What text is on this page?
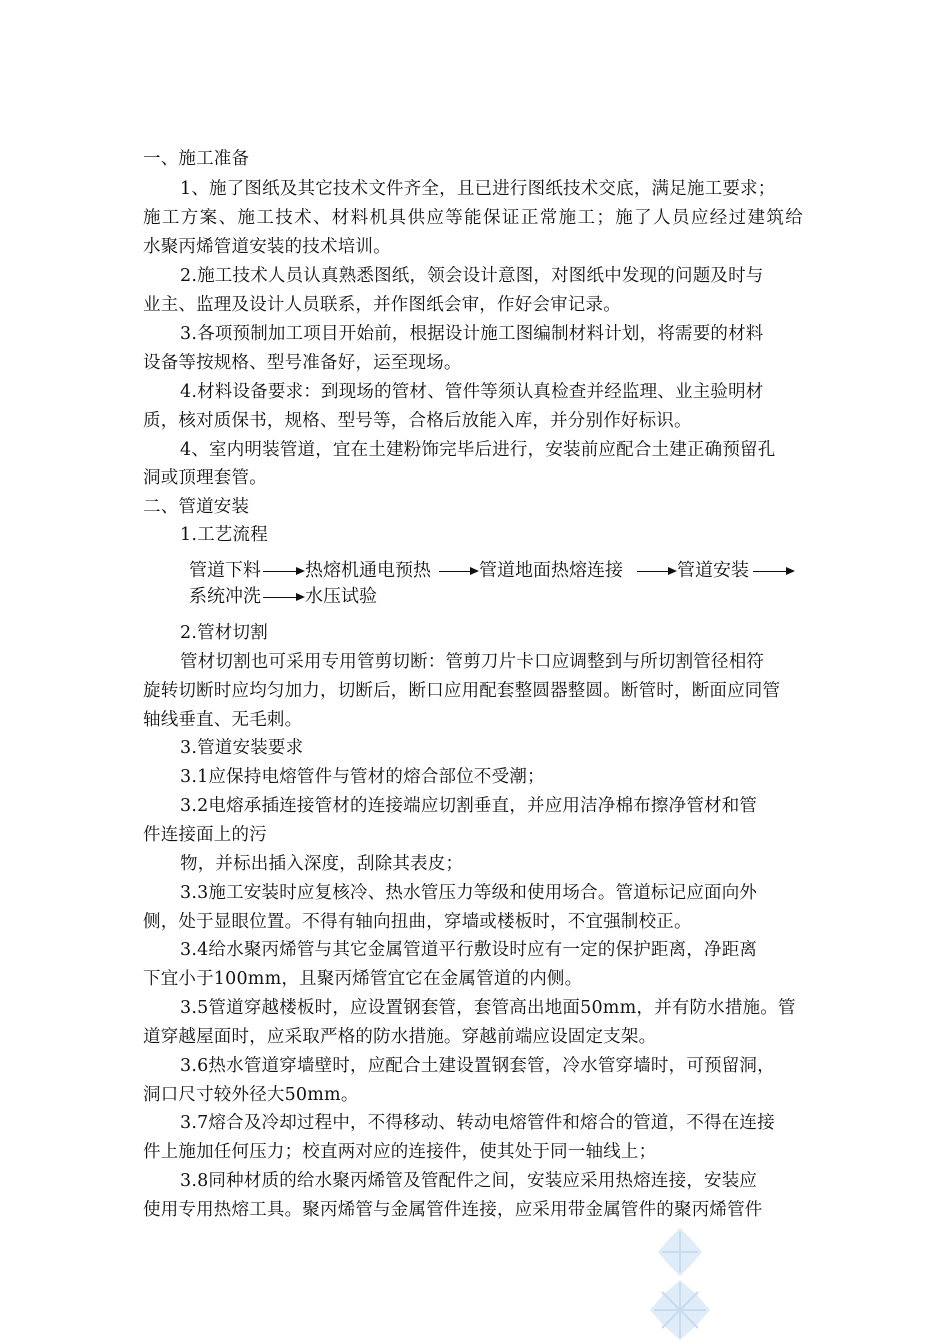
一、施工准备
1、施了图纸及其它技术文件齐全，且已进行图纸技术交底，满足施工要求；
施工方案、施工技术、材料机具供应等能保证正常施工；施了人员应经过建筑给
水聚丙烯管道安装的技术培训。
2.施工技术人员认真熟悉图纸，领会设计意图，对图纸中发现的问题及时与
业主、监理及设计人员联系，并作图纸会审，作好会审记录。
3.各项预制加工项目开始前，根据设计施工图编制材料计划，将需要的材料
设备等按规格、型号准备好，运至现场。
4.材料设备要求：到现场的管材、管件等须认真检查并经监理、业主验明材
质，核对质保书，规格、型号等，合格后放能入库，并分别作好标识。
4、室内明装管道，宜在土建粉饰完毕后进行，安装前应配合土建正确预留孔
洞或顶理套管。
二、管道安装
1.工艺流程
管道下料 热熔机通电预热	管道地面热熔连接	管道安装
系统冲洗 水压试验
2.管材切割
管材切割也可采用专用管剪切断：管剪刀片卡口应调整到与所切割管径相符
旋转切断时应均匀加力，切断后，断口应用配套整圆器整圆。断管时，断面应同管
轴线垂直、无毛刺。
3.管道安装要求
3.1应保持电熔管件与管材的熔合部位不受潮；
3.2电熔承插连接管材的连接端应切割垂直，并应用洁净棉布擦净管材和管
件连接面上的污
物，并标出插入深度，刮除其表皮；
3.3施工安装时应复核冷、热水管压力等级和使用场合。管道标记应面向外
侧，处于显眼位置。不得有轴向扭曲，穿墙或楼板时，不宜强制校正。
3.4给水聚丙烯管与其它金属管道平行敷设时应有一定的保护距离，净距离
下宜小于100mm，且聚丙烯管宜它在金属管道的内侧。
3.5管道穿越楼板时，应设置钢套管，套管高出地面50mm，并有防水措施。管
道穿越屋面时，应采取严格的防水措施。穿越前端应设固定支架。
3.6热水管道穿墙壁时，应配合土建设置钢套管，冷水管穿墙时，可预留洞，
洞口尺寸较外径大50mm。
3.7熔合及冷却过程中，不得移动、转动电熔管件和熔合的管道，不得在连接
件上施加任何压力；校直两对应的连接件，使其处于同一轴线上；
3.8同种材质的给水聚丙烯管及管配件之间，安装应采用热熔连接，安装应
使用专用热熔工具。聚丙烯管与金属管件连接，应采用带金属管件的聚丙烯管件
